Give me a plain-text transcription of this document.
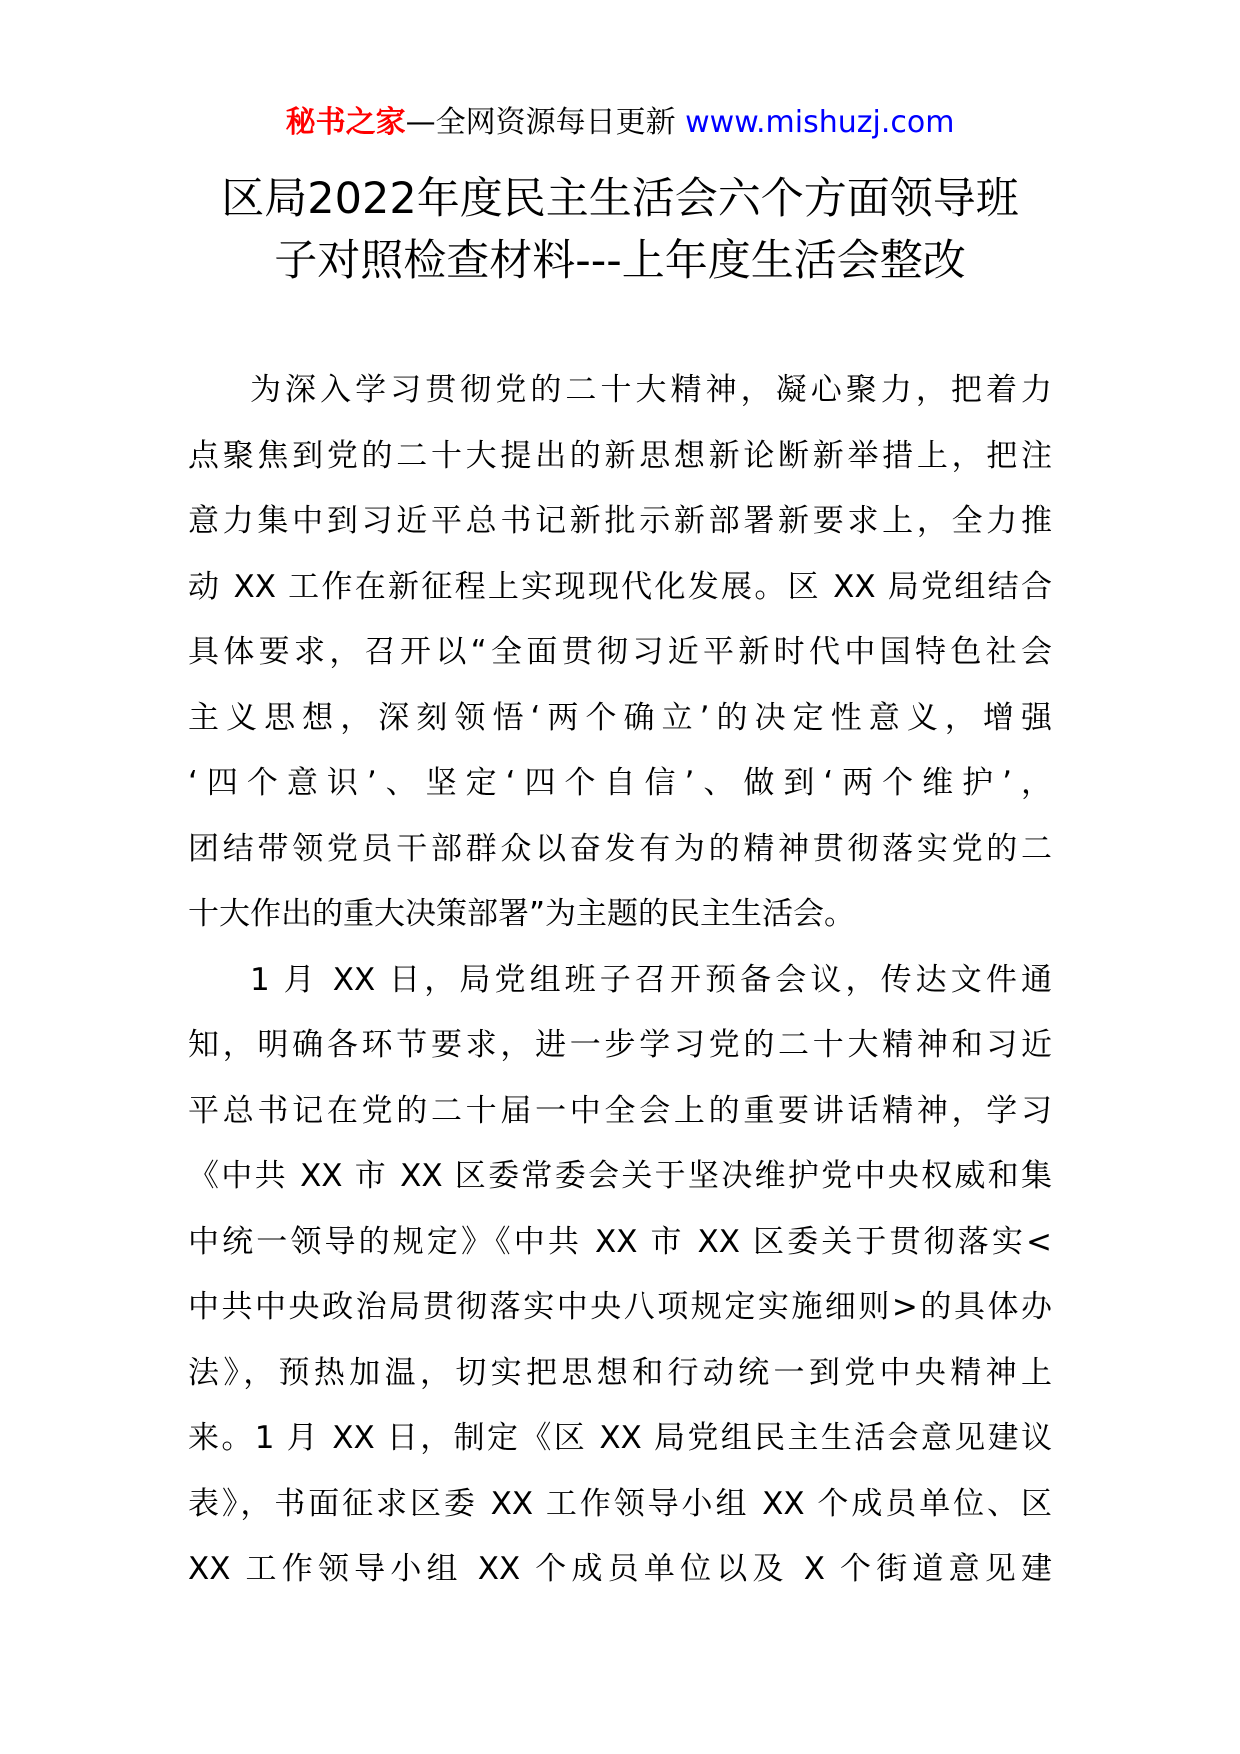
秘书之家—全网资源每日更新 www.mishuzj.com
区局2022年度民主生活会六个方面领导班
子对照检查材料---上年度生活会整改

为深入学习贯彻党的二十大精神，凝心聚力，把着力
点聚焦到党的二十大提出的新思想新论断新举措上，把注
意力集中到习近平总书记新批示新部署新要求上，全力推
动 XX 工作在新征程上实现现代化发展。区 XX 局党组结合
具体要求，召开以“全面贯彻习近平新时代中国特色社会
主义思想，深刻领悟‘两个确立’的决定性意义，增强
‘四个意识’、坚定‘四个自信’、做到‘两个维护’，
团结带领党员干部群众以奋发有为的精神贯彻落实党的二
十大作出的重大决策部署”为主题的民主生活会。

1 月 XX 日，局党组班子召开预备会议，传达文件通
知，明确各环节要求，进一步学习党的二十大精神和习近
平总书记在党的二十届一中全会上的重要讲话精神，学习
《中共 XX 市 XX 区委常委会关于坚决维护党中央权威和集
中统一领导的规定》《中共 XX 市 XX 区委关于贯彻落实<
中共中央政治局贯彻落实中央八项规定实施细则>的具体办
法》，预热加温，切实把思想和行动统一到党中央精神上
来。1 月 XX 日，制定《区 XX 局党组民主生活会意见建议
表》，书面征求区委 XX 工作领导小组 XX 个成员单位、区
XX 工作领导小组 XX 个成员单位以及 X 个街道意见建
